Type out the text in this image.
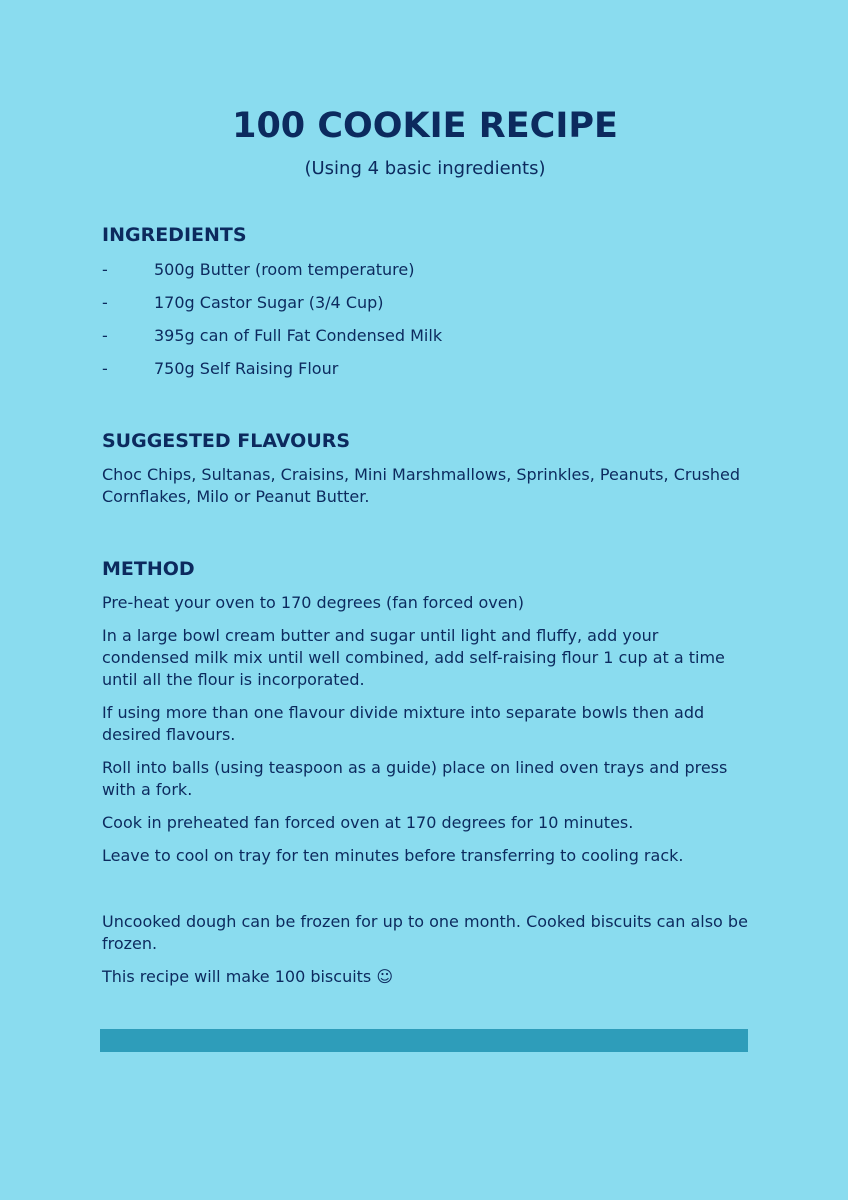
100 COOKIE RECIPE

(Using 4 basic ingredients)

INGREDIENTS
-	500g Butter (room temperature)
-	170g Castor Sugar (3/4 Cup)
-	395g can of Full Fat Condensed Milk
-	750g Self Raising Flour
SUGGESTED FLAVOURS

Choc Chips, Sultanas, Craisins, Mini Marshmallows, Sprinkles, Peanuts, Crushed Cornflakes, Milo or Peanut Butter.

METHOD

Pre-heat your oven to 170 degrees (fan forced oven)

In a large bowl cream butter and sugar until light and fluffy, add your condensed milk mix until well combined, add self-raising flour 1 cup at a time until all the flour is incorporated.

If using more than one flavour divide mixture into separate bowls then add desired flavours.

Roll into balls (using teaspoon as a guide) place on lined oven trays and press with a fork.

Cook in preheated fan forced oven at 170 degrees for 10 minutes.

Leave to cool on tray for ten minutes before transferring to cooling rack.

Uncooked dough can be frozen for up to one month. Cooked biscuits can also be frozen.

This recipe will make 100 biscuits ☺
